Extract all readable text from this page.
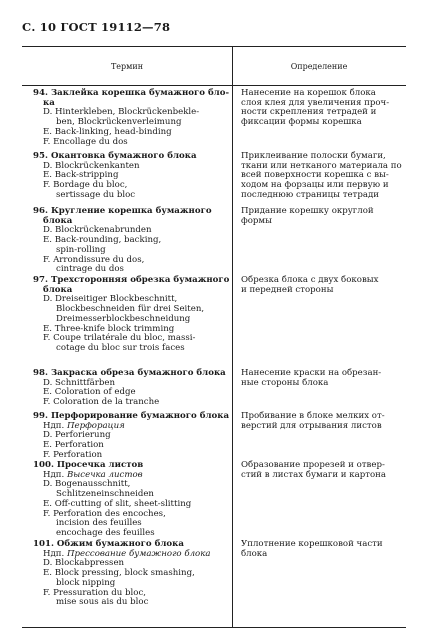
С. 10 ГОСТ 19112—78
Термин	Определение
94. Заклейка корешка бумажного бло-
ка
D. Hinterkleben, Blockrückenbekle-
ben, Blockrückenverleimung
E. Back-linking, head-binding
F. Encollage du dos
Нанесение на корешок блока
слоя клея для увеличения проч-
ности скрепления тетрадей и
фиксации формы корешка
95. Окантовка бумажного блока
D. Blockrückenkanten
E. Back-stripping
F. Bordage du bloc,
sertissage du bloc
Приклеивание полоски бумаги,
ткани или нетканого материала по
всей поверхности корешка с вы-
ходом на форзацы или первую и
последнюю страницы тетради
96. Кругление корешка бумажного
блока
D. Blockrückenabrunden
E. Back-rounding, backing,
spin-rolling
F. Arrondissure du dos,
cintrage du dos
Придание корешку округлой
формы
97. Трехсторонняя обрезка бумажного
блока
D. Dreiseitiger Blockbeschnitt,
Blockbeschneiden für drei Seiten,
Dreimesserblockbeschneidung
E. Three-knife block trimming
F. Coupe trilatérale du bloc, massi-
cotage du bloc sur trois faces
Обрезка блока с двух боковых
и передней стороны
98. Закраска обреза бумажного блока
D. Schnittfärben
E. Coloration of edge
F. Coloration de la tranche
Нанесение краски на обрезан-
ные стороны блока
99. Перфорирование бумажного блока
Ндп. Перфорация
D. Perforierung
E. Perforation
F. Perforation
Пробивание в блоке мелких от-
верстий для отрывания листов
100. Просечка листов
Ндп. Высечка листов
D. Bogenausschnitt,
Schlitzeneinschneiden
E. Off-cutting of slit, sheet-slitting
F. Perforation des encoches,
incision des feuilles
encochage des feuilles
Образование прорезей и отвер-
стий в листах бумаги и картона
101. Обжим бумажного блока
Ндп. Прессование бумажного блока
D. Blockabpressen
E. Block pressing, block smashing,
block nipping
F. Pressuration du bloc,
mise sous ais du bloc
Уплотнение корешковой части
блока
